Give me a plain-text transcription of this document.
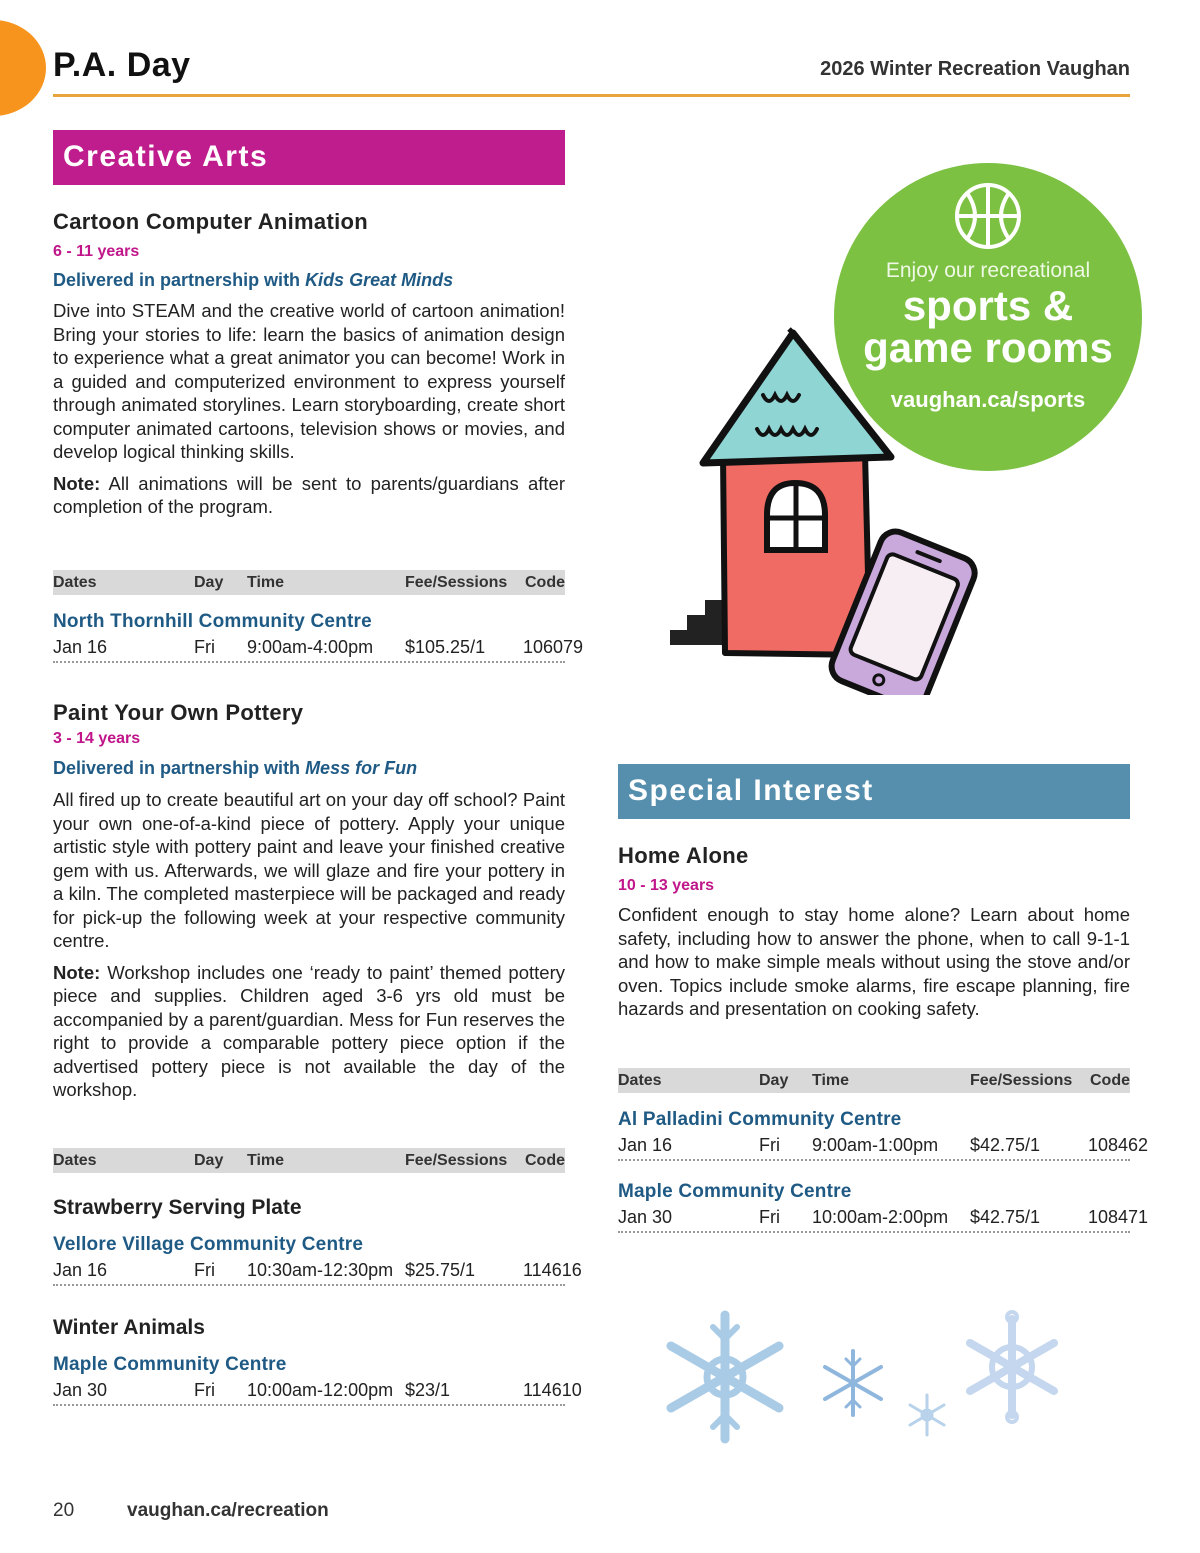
P.A. Day	2026 Winter Recreation Vaughan
Creative Arts
Cartoon Computer Animation
6 - 11 years
Delivered in partnership with Kids Great Minds
Dive into STEAM and the creative world of cartoon animation! Bring your stories to life: learn the basics of animation design to experience what a great animator you can become! Work in a guided and computerized environment to express yourself through animated storylines. Learn storyboarding, create short computer animated cartoons, television shows or movies, and develop logical thinking skills.
Note: All animations will be sent to parents/guardians after completion of the program.
Dates	Day	Time	Fee/Sessions	Code
North Thornhill Community Centre
Jan 16	Fri	9:00am-4:00pm	$105.25/1	106079
Paint Your Own Pottery
3 - 14 years
Delivered in partnership with Mess for Fun
All fired up to create beautiful art on your day off school? Paint your own one-of-a-kind piece of pottery. Apply your unique artistic style with pottery paint and leave your finished creative gem with us. Afterwards, we will glaze and fire your pottery in a kiln. The completed masterpiece will be packaged and ready for pick-up the following week at your respective community centre.
Note: Workshop includes one ‘ready to paint’ themed pottery piece and supplies. Children aged 3-6 yrs old must be accompanied by a parent/guardian. Mess for Fun reserves the right to provide a comparable pottery piece option if the advertised pottery piece is not available the day of the workshop.
Dates	Day	Time	Fee/Sessions	Code
Strawberry Serving Plate
Vellore Village Community Centre
Jan 16	Fri	10:30am-12:30pm $25.75/1	114616
Winter Animals
Maple Community Centre
Jan 30	Fri	10:00am-12:00pm $23/1	114610
Enjoy our recreational
sports &
game rooms
vaughan.ca/sports
Special Interest
Home Alone
10 - 13 years
Confident enough to stay home alone? Learn about home safety, including how to answer the phone, when to call 9-1-1 and how to make simple meals without using the stove and/or oven. Topics include smoke alarms, fire escape planning, fire hazards and presentation on cooking safety.
Dates	Day	Time	Fee/Sessions	Code
Al Palladini Community Centre
Jan 16	Fri	9:00am-1:00pm	$42.75/1	108462
Maple Community Centre
Jan 30	Fri	10:00am-2:00pm	$42.75/1	108471
20	vaughan.ca/recreation
